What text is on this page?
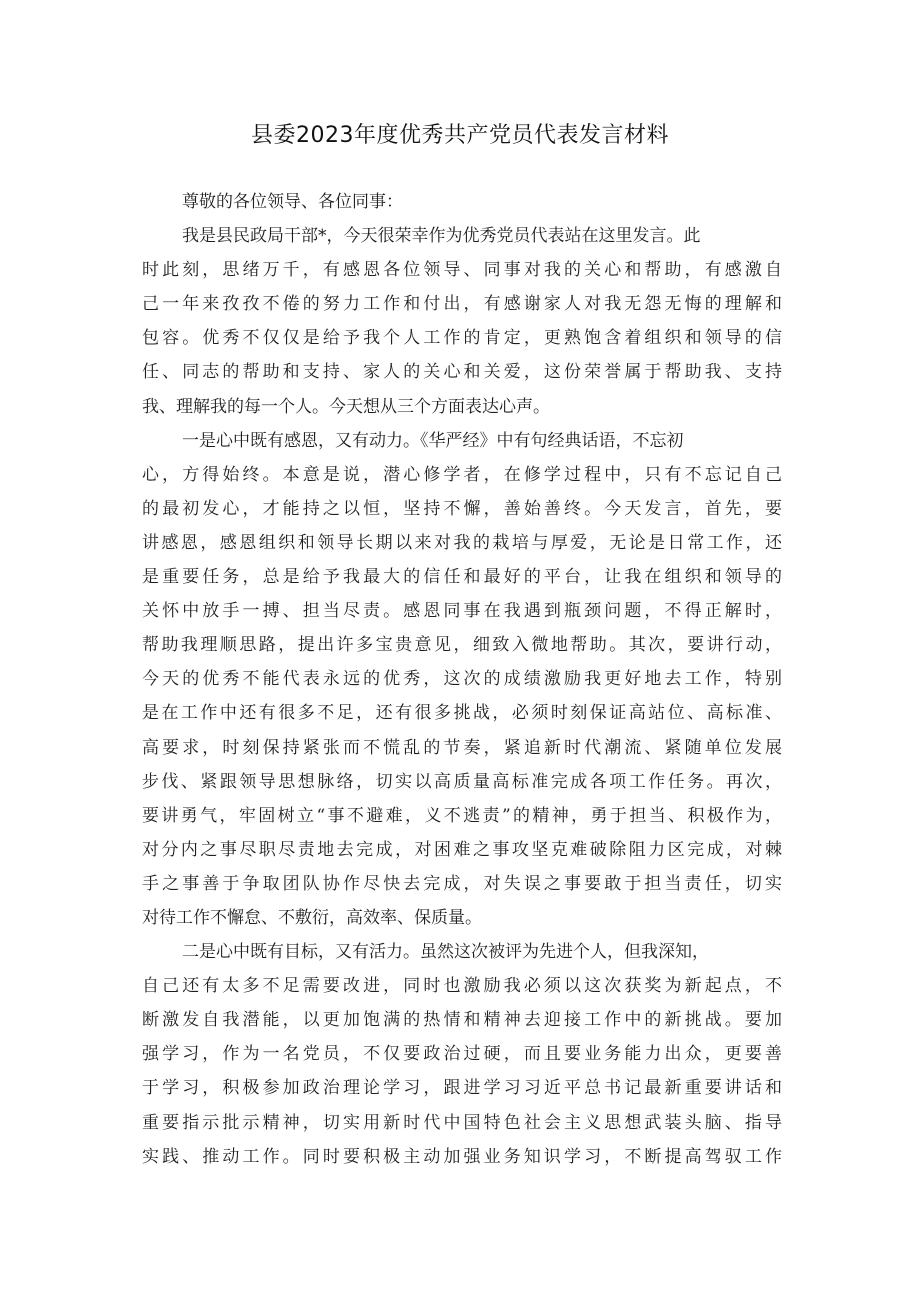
县委2023年度优秀共产党员代表发言材料
尊敬的各位领导、各位同事：
我是县民政局干部*，今天很荣幸作为优秀党员代表站在这里发言。此
时此刻，思绪万千，有感恩各位领导、同事对我的关心和帮助，有感激自
己一年来孜孜不倦的努力工作和付出，有感谢家人对我无怨无悔的理解和
包容。优秀不仅仅是给予我个人工作的肯定，更熟饱含着组织和领导的信
任、同志的帮助和支持、家人的关心和关爱，这份荣誉属于帮助我、支持
我、理解我的每一个人。今天想从三个方面表达心声。
一是心中既有感恩，又有动力。《华严经》中有句经典话语，不忘初
心，方得始终。本意是说，潜心修学者，在修学过程中，只有不忘记自己
的最初发心，才能持之以恒，坚持不懈，善始善终。今天发言，首先，要
讲感恩，感恩组织和领导长期以来对我的栽培与厚爱，无论是日常工作，还
是重要任务，总是给予我最大的信任和最好的平台，让我在组织和领导的
关怀中放手一搏、担当尽责。感恩同事在我遇到瓶颈问题，不得正解时，
帮助我理顺思路，提出许多宝贵意见，细致入微地帮助。其次，要讲行动，
今天的优秀不能代表永远的优秀，这次的成绩激励我更好地去工作，特别
是在工作中还有很多不足，还有很多挑战，必须时刻保证高站位、高标准、
高要求，时刻保持紧张而不慌乱的节奏，紧追新时代潮流、紧随单位发展
步伐、紧跟领导思想脉络，切实以高质量高标准完成各项工作任务。再次，
要讲勇气，牢固树立“事不避难，义不逃责”的精神，勇于担当、积极作为，
对分内之事尽职尽责地去完成，对困难之事攻坚克难破除阻力区完成，对棘
手之事善于争取团队协作尽快去完成，对失误之事要敢于担当责任，切实
对待工作不懈怠、不敷衍，高效率、保质量。
二是心中既有目标，又有活力。虽然这次被评为先进个人，但我深知，
自己还有太多不足需要改进，同时也激励我必须以这次获奖为新起点，不
断激发自我潜能，以更加饱满的热情和精神去迎接工作中的新挑战。要加
强学习，作为一名党员，不仅要政治过硬，而且要业务能力出众，更要善
于学习，积极参加政治理论学习，跟进学习习近平总书记最新重要讲话和
重要指示批示精神，切实用新时代中国特色社会主义思想武装头脑、指导
实践、推动工作。同时要积极主动加强业务知识学习，不断提高驾驭工作
